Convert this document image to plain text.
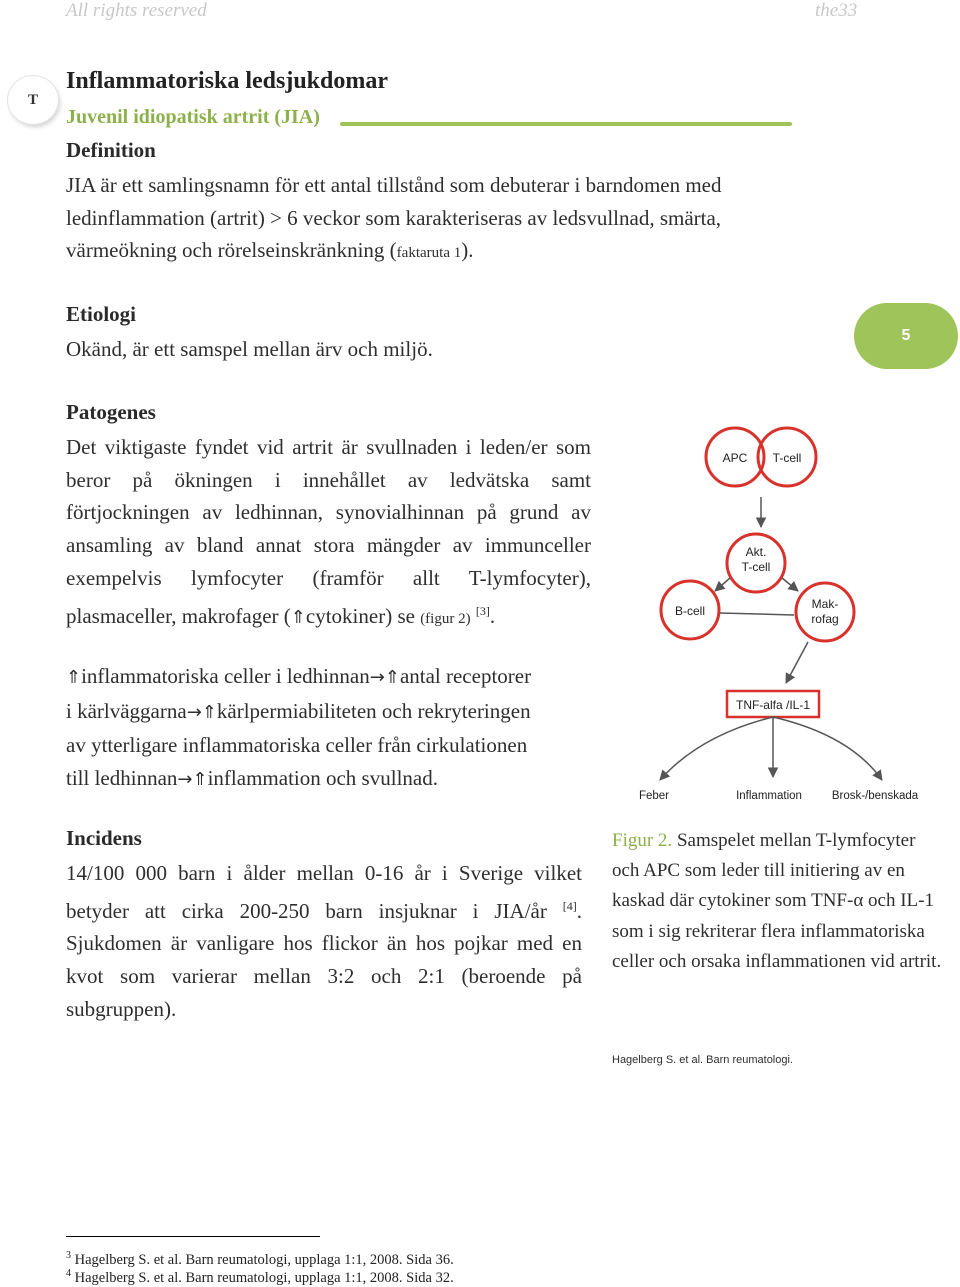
All rights reserved	the33
T
Inflammatoriska ledsjukdomar
Juvenil idiopatisk artrit (JIA)
Definition
JIA är ett samlingsnamn för ett antal tillstånd som debuterar i barndomen med
ledinflammation (artrit) > 6 veckor som karakteriseras av ledsvullnad, smärta,
värmeökning och rörelseinskränkning (faktaruta 1).
Etiologi
Okänd, är ett samspel mellan ärv och miljö.
5
Patogenes
Det viktigaste fyndet vid artrit är svullnaden i leden/er som beror på ökningen i innehållet av ledvätska samt förtjockningen av ledhinnan, synovialhinnan på grund av ansamling av bland annat stora mängder av immunceller exempelvis lymfocyter (framför allt T-lymfocyter), plasmaceller, makrofager (⇑cytokiner) se (figur 2) [3].
⇑inflammatoriska celler i ledhinnan→⇑antal receptorer
i kärlväggarna→⇑kärlpermiabiliteten och rekryteringen
av ytterligare inflammatoriska celler från cirkulationen
till ledhinnan→⇑inflammation och svullnad.
APC T-cell
Akt.
T-cell
B-cell	Mak-
rofag
TNF-alfa /IL-1
Feber	Inflammation	Brosk-/benskada
Incidens
14/100 000 barn i ålder mellan 0-16 år i Sverige vilket betyder att cirka 200-250 barn insjuknar i JIA/år [4]. Sjukdomen är vanligare hos flickor än hos pojkar med en kvot som varierar mellan 3:2 och 2:1 (beroende på subgruppen).
Figur 2. Samspelet mellan T-lymfocyter och APC som leder till initiering av en kaskad där cytokiner som TNF-α och IL-1 som i sig rekriterar flera inflammatoriska celler och orsaka inflammationen vid artrit.
Hagelberg S. et al. Barn reumatologi.
$^3$ Hagelberg S. et al. Barn reumatologi, upplaga 1:1, 2008. Sida 36.
$^4$ Hagelberg S. et al. Barn reumatologi, upplaga 1:1, 2008. Sida 32.
